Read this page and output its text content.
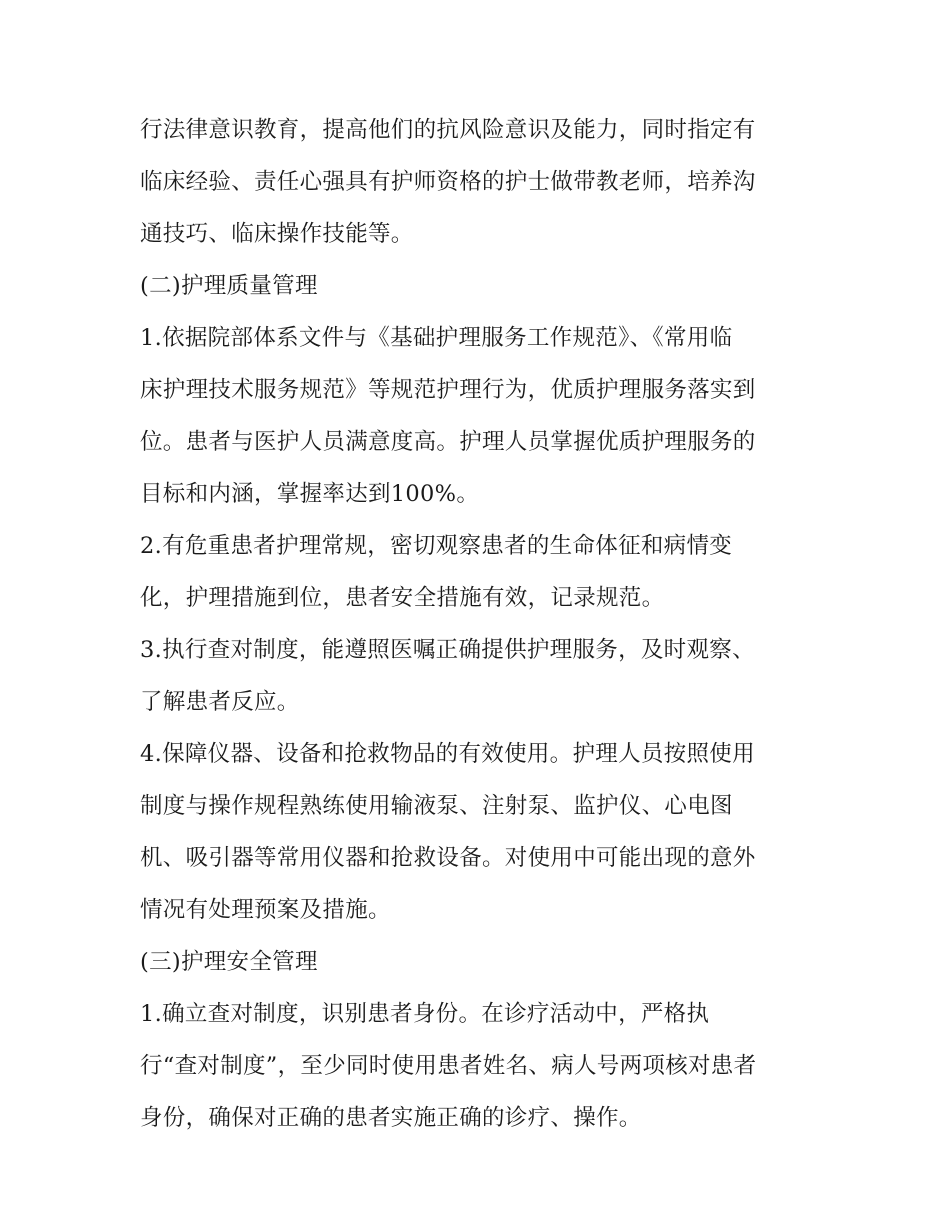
行法律意识教育，提高他们的抗风险意识及能力，同时指定有
临床经验、责任心强具有护师资格的护士做带教老师，培养沟
通技巧、临床操作技能等。
(二)护理质量管理
1.依据院部体系文件与《基础护理服务工作规范》、《常用临
床护理技术服务规范》等规范护理行为，优质护理服务落实到
位。患者与医护人员满意度高。护理人员掌握优质护理服务的
目标和内涵，掌握率达到100%。
2.有危重患者护理常规，密切观察患者的生命体征和病情变
化，护理措施到位，患者安全措施有效，记录规范。
3.执行查对制度，能遵照医嘱正确提供护理服务，及时观察、
了解患者反应。
4.保障仪器、设备和抢救物品的有效使用。护理人员按照使用
制度与操作规程熟练使用输液泵、注射泵、监护仪、心电图
机、吸引器等常用仪器和抢救设备。对使用中可能出现的意外
情况有处理预案及措施。
(三)护理安全管理
1.确立查对制度，识别患者身份。在诊疗活动中，严格执
行“查对制度”，至少同时使用患者姓名、病人号两项核对患者
身份，确保对正确的患者实施正确的诊疗、操作。
